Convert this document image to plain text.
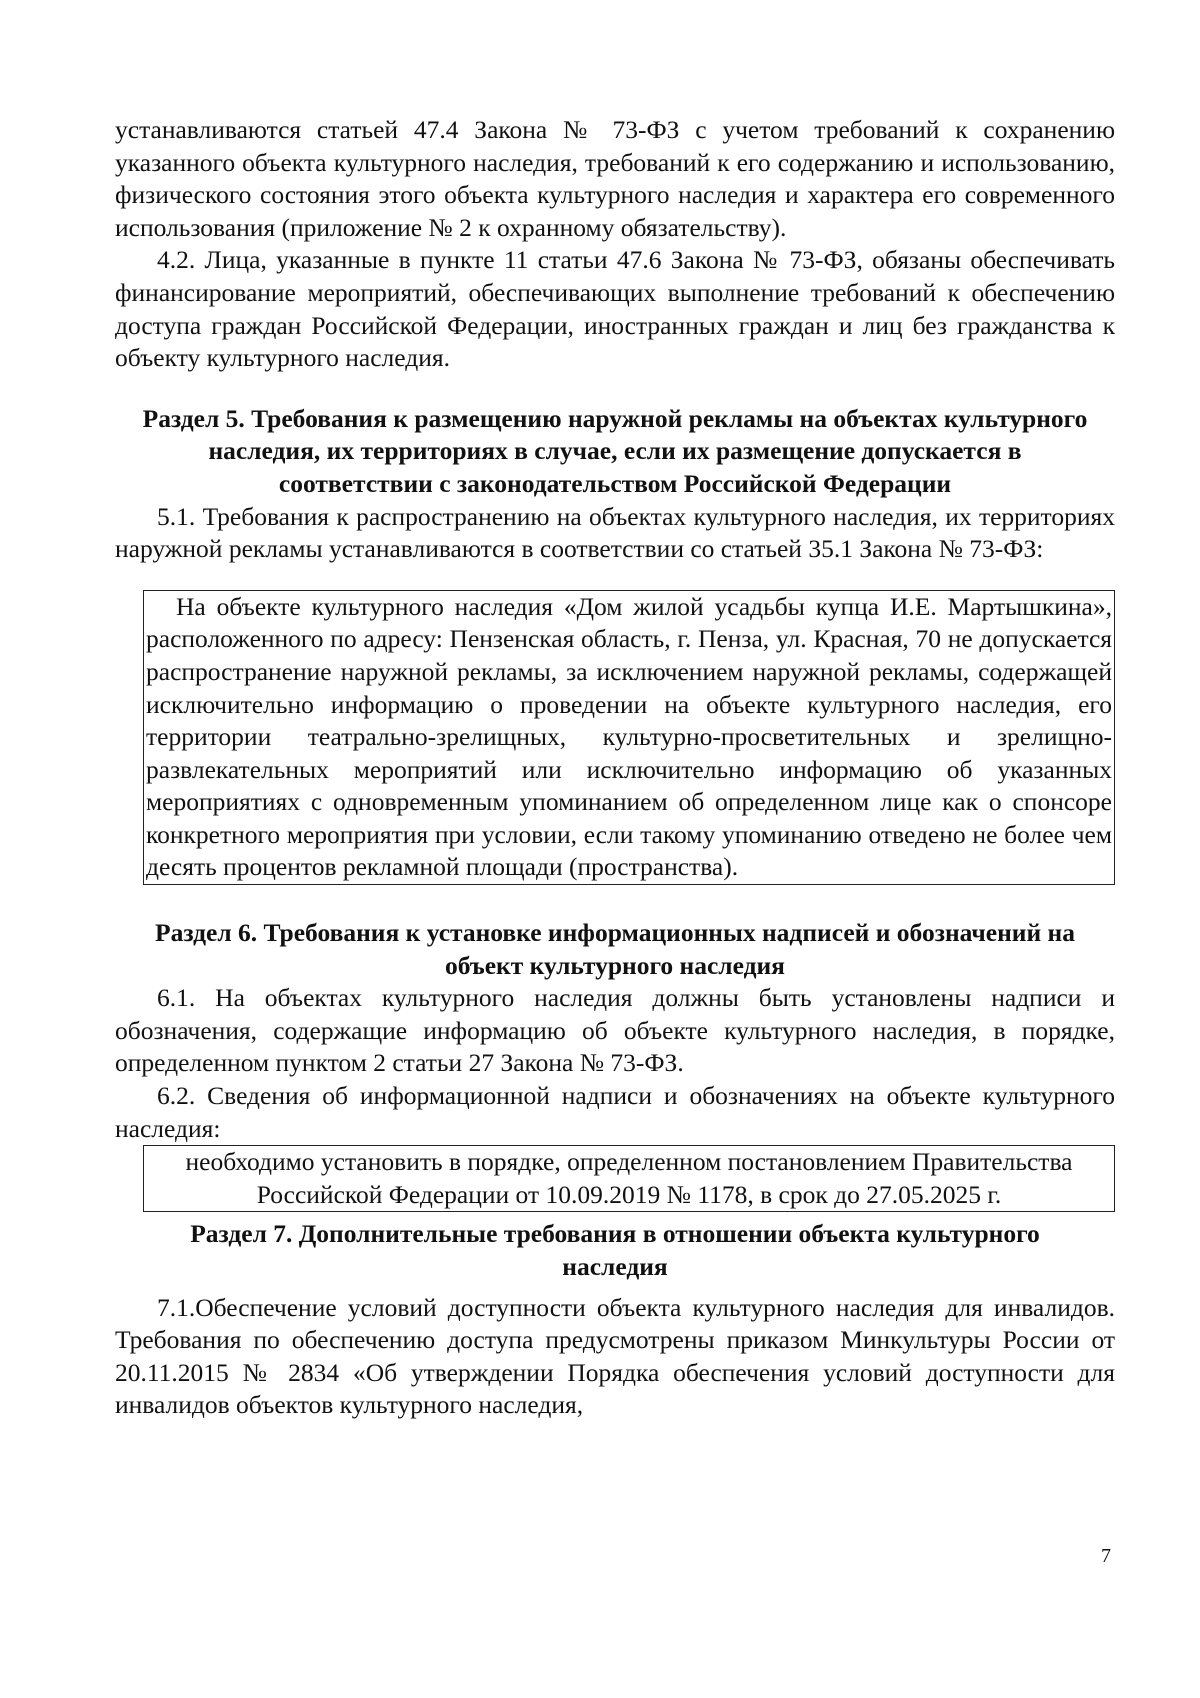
устанавливаются статьей 47.4 Закона № 73-ФЗ с учетом требований к сохранению указанного объекта культурного наследия, требований к его содержанию и использованию, физического состояния этого объекта культурного наследия и характера его современного использования (приложение № 2 к охранному обязательству).

4.2. Лица, указанные в пункте 11 статьи 47.6 Закона № 73-ФЗ, обязаны обеспечивать финансирование мероприятий, обеспечивающих выполнение требований к обеспечению доступа граждан Российской Федерации, иностранных граждан и лиц без гражданства к объекту культурного наследия.

Раздел 5. Требования к размещению наружной рекламы на объектах культурного наследия, их территориях в случае, если их размещение допускается в соответствии с законодательством Российской Федерации

5.1. Требования к распространению на объектах культурного наследия, их территориях наружной рекламы устанавливаются в соответствии со статьей 35.1 Закона № 73-ФЗ:

На объекте культурного наследия «Дом жилой усадьбы купца И.Е. Мартышкина», расположенного по адресу: Пензенская область, г. Пенза, ул. Красная, 70 не допускается распространение наружной рекламы, за исключением наружной рекламы, содержащей исключительно информацию о проведении на объекте культурного наследия, его территории театрально-зрелищных, культурно-просветительных и зрелищно-развлекательных мероприятий или исключительно информацию об указанных мероприятиях с одновременным упоминанием об определенном лице как о спонсоре конкретного мероприятия при условии, если такому упоминанию отведено не более чем десять процентов рекламной площади (пространства).

Раздел 6. Требования к установке информационных надписей и обозначений на объект культурного наследия

6.1. На объектах культурного наследия должны быть установлены надписи и обозначения, содержащие информацию об объекте культурного наследия, в порядке, определенном пунктом 2 статьи 27 Закона № 73-ФЗ.

6.2. Сведения об информационной надписи и обозначениях на объекте культурного наследия:

необходимо установить в порядке, определенном постановлением Правительства Российской Федерации от 10.09.2019 № 1178, в срок до 27.05.2025 г.

Раздел 7. Дополнительные требования в отношении объекта культурного наследия

7.1.Обеспечение условий доступности объекта культурного наследия для инвалидов. Требования по обеспечению доступа предусмотрены приказом Минкультуры России от 20.11.2015 № 2834 «Об утверждении Порядка обеспечения условий доступности для инвалидов объектов культурного наследия,

7
